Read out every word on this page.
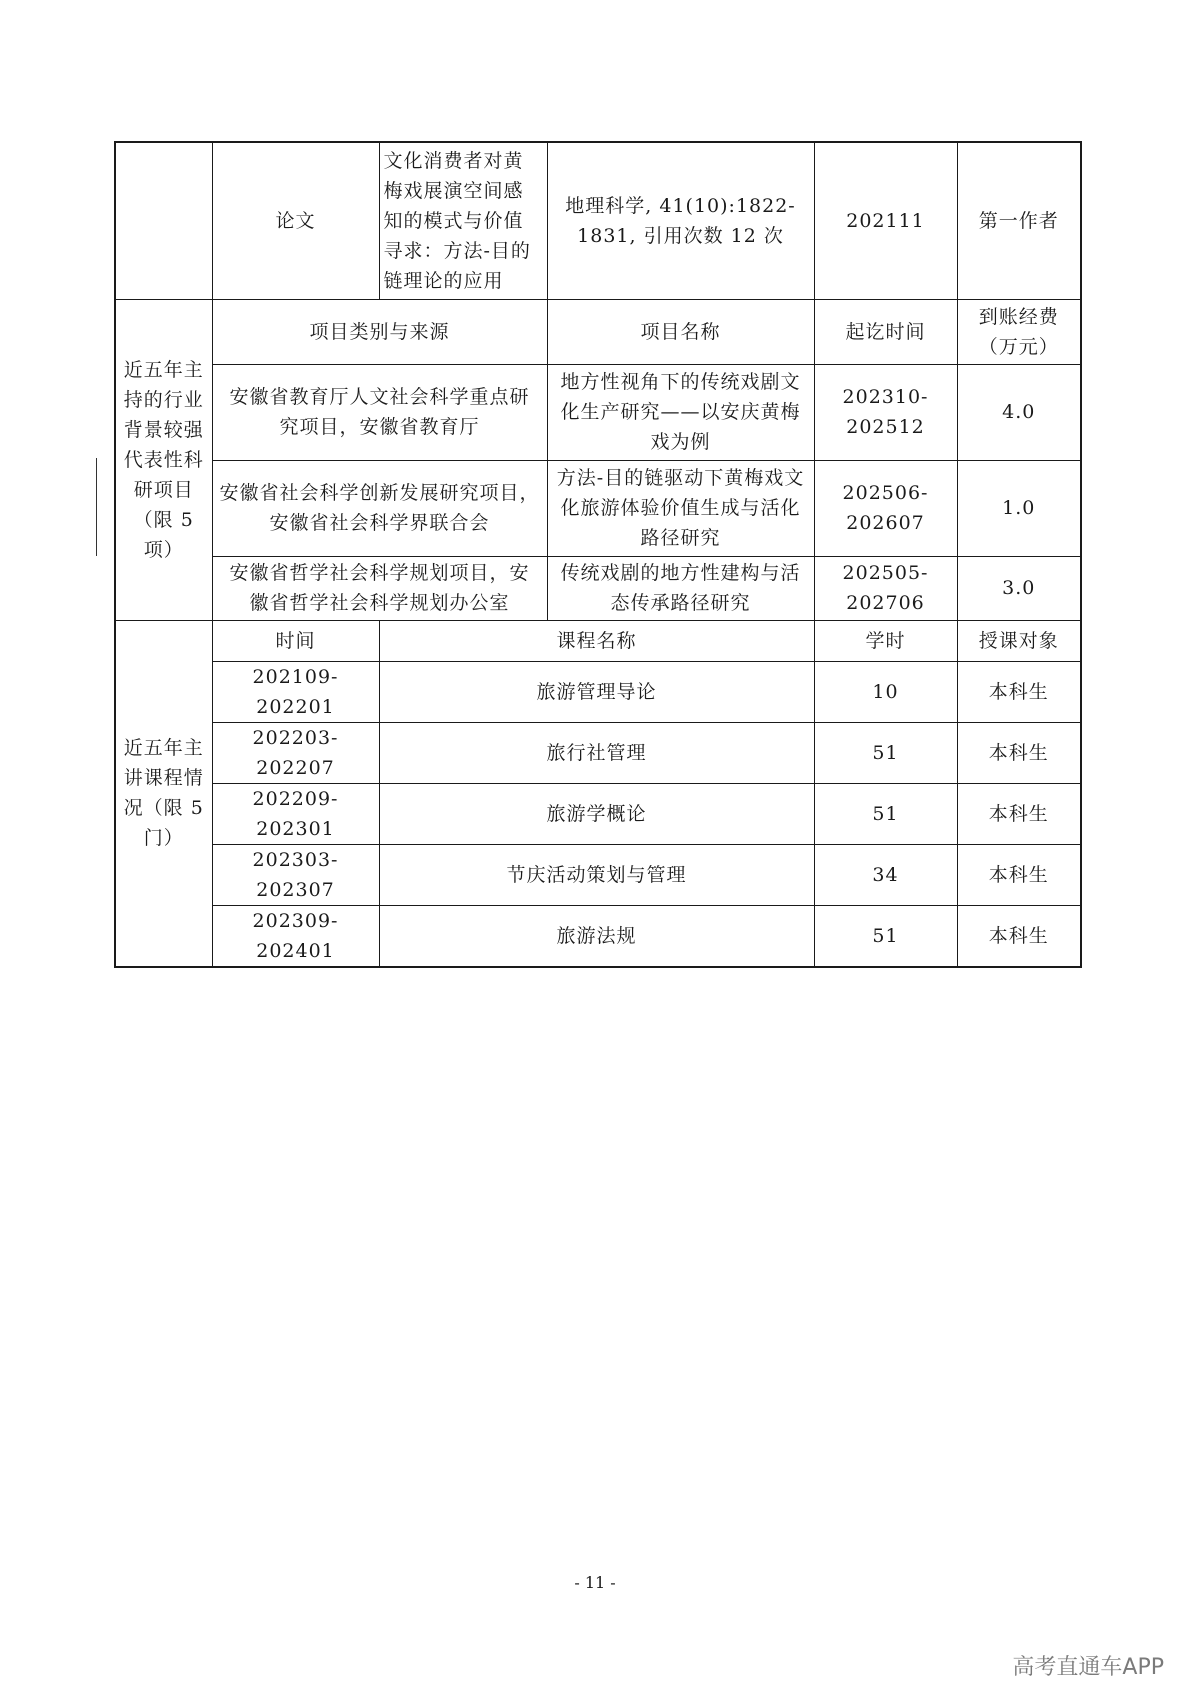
	论文	文化消费者对黄梅戏展演空间感知的模式与价值寻求：方法-目的链理论的应用	地理科学, 41(10):1822-1831, 引用次数 12 次	202111	第一作者
近五年主持的行业背景较强代表性科研项目（限 5 项）	项目类别与来源		项目名称	起讫时间	到账经费（万元）
	安徽省教育厅人文社会科学重点研究项目，安徽省教育厅		地方性视角下的传统戏剧文化生产研究——以安庆黄梅戏为例	202310-202512	4.0
	安徽省社会科学创新发展研究项目，安徽省社会科学界联合会		方法-目的链驱动下黄梅戏文化旅游体验价值生成与活化路径研究	202506-202607	1.0
	安徽省哲学社会科学规划项目，安徽省哲学社会科学规划办公室		传统戏剧的地方性建构与活态传承路径研究	202505-202706	3.0
近五年主讲课程情况（限 5 门）	时间	课程名称		学时	授课对象
	202109-202201	旅游管理导论		10	本科生
	202203-202207	旅行社管理		51	本科生
	202209-202301	旅游学概论		51	本科生
	202303-202307	节庆活动策划与管理		34	本科生
	202309-202401	旅游法规		51	本科生
- 11 -
高考直通车APP
